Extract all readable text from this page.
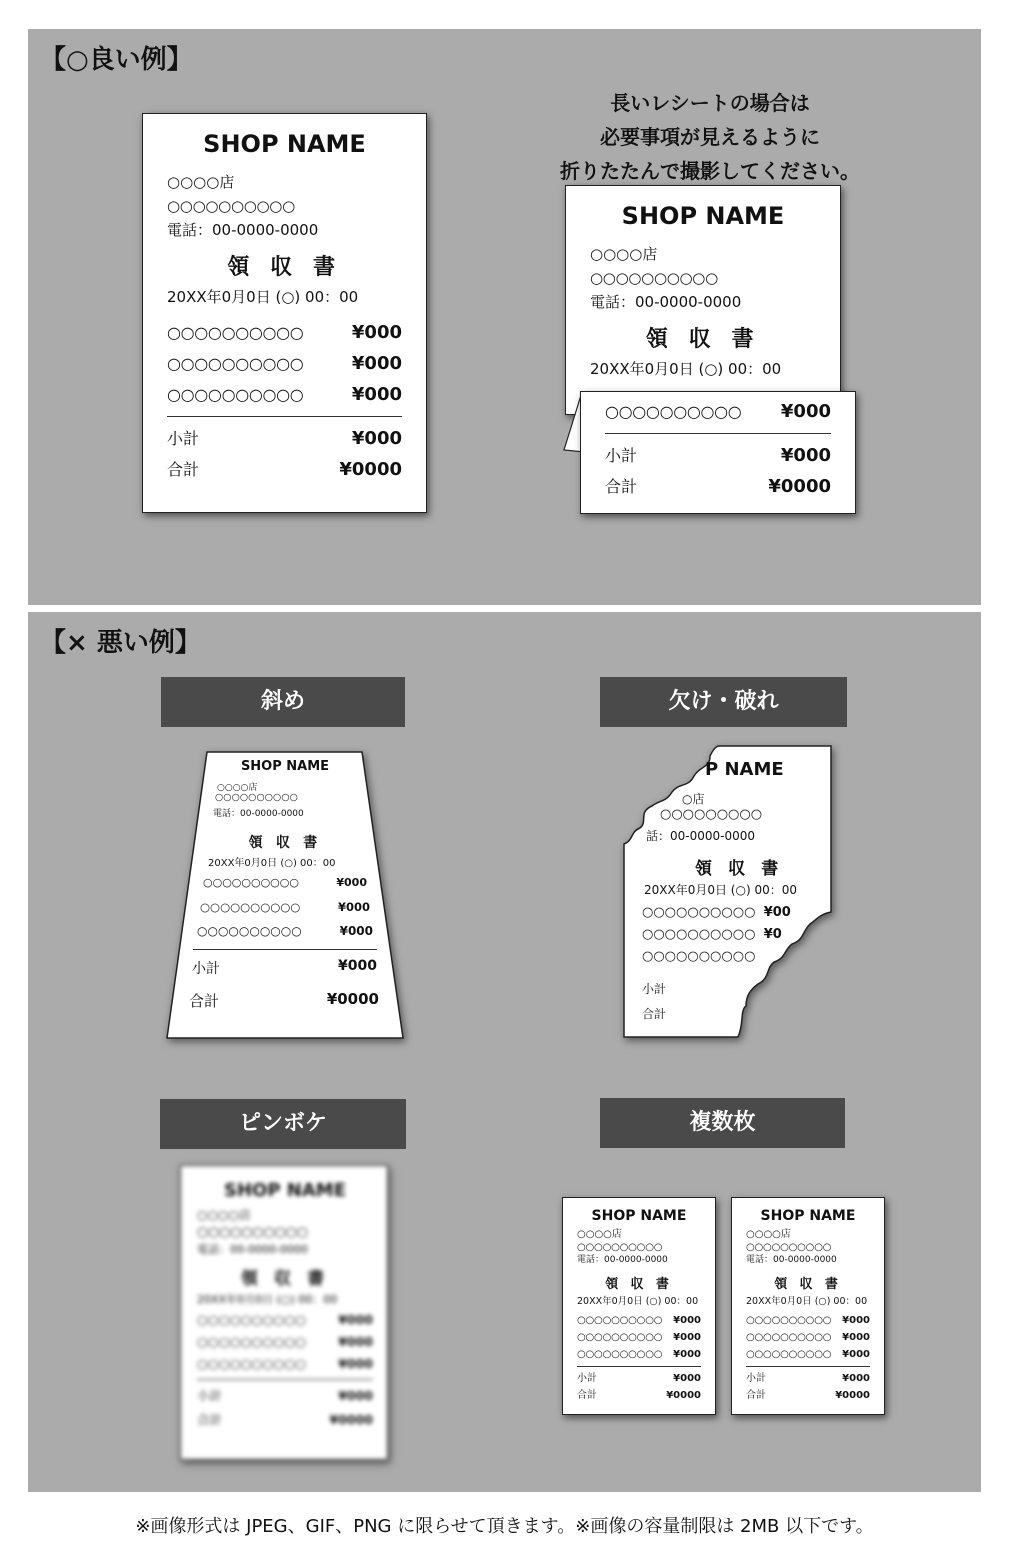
【○良い例】
SHOP NAME
○○○○店
○○○○○○○○○○
電話：00-0000-0000
領 収 書
20XX年0月0日 (○) 00：00
○○○○○○○○○○	¥000
○○○○○○○○○○	¥000
○○○○○○○○○○	¥000
小計	¥000
合計	¥0000
長いレシートの場合は
必要事項が見えるように
折りたたんで撮影してください。
SHOP NAME
○○○○店
○○○○○○○○○○
電話：00-0000-0000
領 収 書
20XX年0月0日 (○) 00：00
○○○○○○○○○○ ¥000
小計	¥000
合計	¥0000
【× 悪い例】
斜め	欠け・破れ
ピンボケ	複数枚
SHOP NAME
○○○○店
○○○○○○○○○○
電話：00-0000-0000
領 収 書
20XX年0月0日 (○) 00：00
○○○○○○○○○○	¥000
○○○○○○○○○○	¥000
○○○○○○○○○○	¥000
小計	¥000
合計	¥0000
P NAME
○店
○○○○○○○○○
話：00-0000-0000
領 収 書
20XX年0月0日 (○) 00：00
○○○○○○○○○○ ¥00
○○○○○○○○○○ ¥0
○○○○○○○○○○
小計
合計
SHOP NAME
○○○○店
○○○○○○○○○○
電話：00-0000-0000
領 収 書
20XX年0月0日 (○) 00：00
○○○○○○○○○○	¥000
○○○○○○○○○○	¥000
○○○○○○○○○○	¥000
小計	¥000
合計	¥0000
SHOP NAME
○○○○店
○○○○○○○○○○
電話：00-0000-0000
領 収 書
20XX年0月0日 (○) 00：00
○○○○○○○○○○ ¥000
○○○○○○○○○○ ¥000
○○○○○○○○○○ ¥000
小計	¥000
合計	¥0000
SHOP NAME
○○○○店
○○○○○○○○○○
電話：00-0000-0000
領 収 書
20XX年0月0日 (○) 00：00
○○○○○○○○○○ ¥000
○○○○○○○○○○ ¥000
○○○○○○○○○○ ¥000
小計	¥000
合計	¥0000
※画像形式は JPEG、GIF、PNG に限らせて頂きます。※画像の容量制限は 2MB 以下です。
